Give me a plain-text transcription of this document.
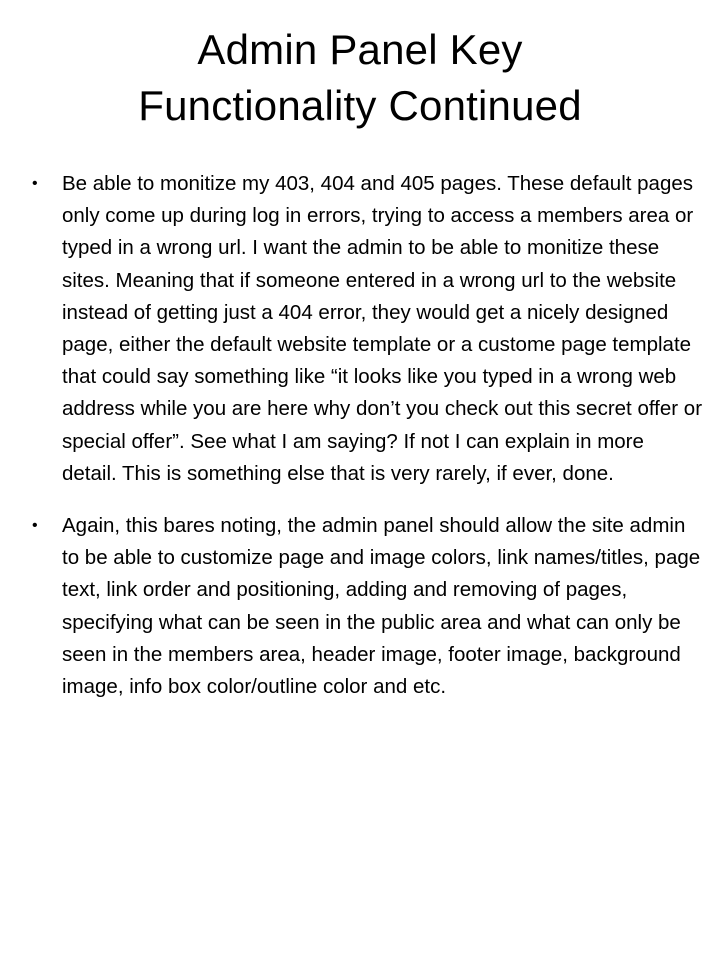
Admin Panel Key
Functionality Continued
• Be able to monitize my 403, 404 and 405 pages. These default pages only come up during log in errors, trying to access a members area or typed in a wrong url. I want the admin to be able to monitize these sites. Meaning that if someone entered in a wrong url to the website instead of getting just a 404 error, they would get a nicely designed page, either the default website template or a custome page template that could say something like “it looks like you typed in a wrong web address while you are here why don’t you check out this secret offer or special offer”. See what I am saying? If not I can explain in more detail. This is something else that is very rarely, if ever, done.
• Again, this bares noting, the admin panel should allow the site admin to be able to customize page and image colors, link names/titles, page text, link order and positioning, adding and removing of pages, specifying what can be seen in the public area and what can only be seen in the members area, header image, footer image, background image, info box color/outline color and etc.
